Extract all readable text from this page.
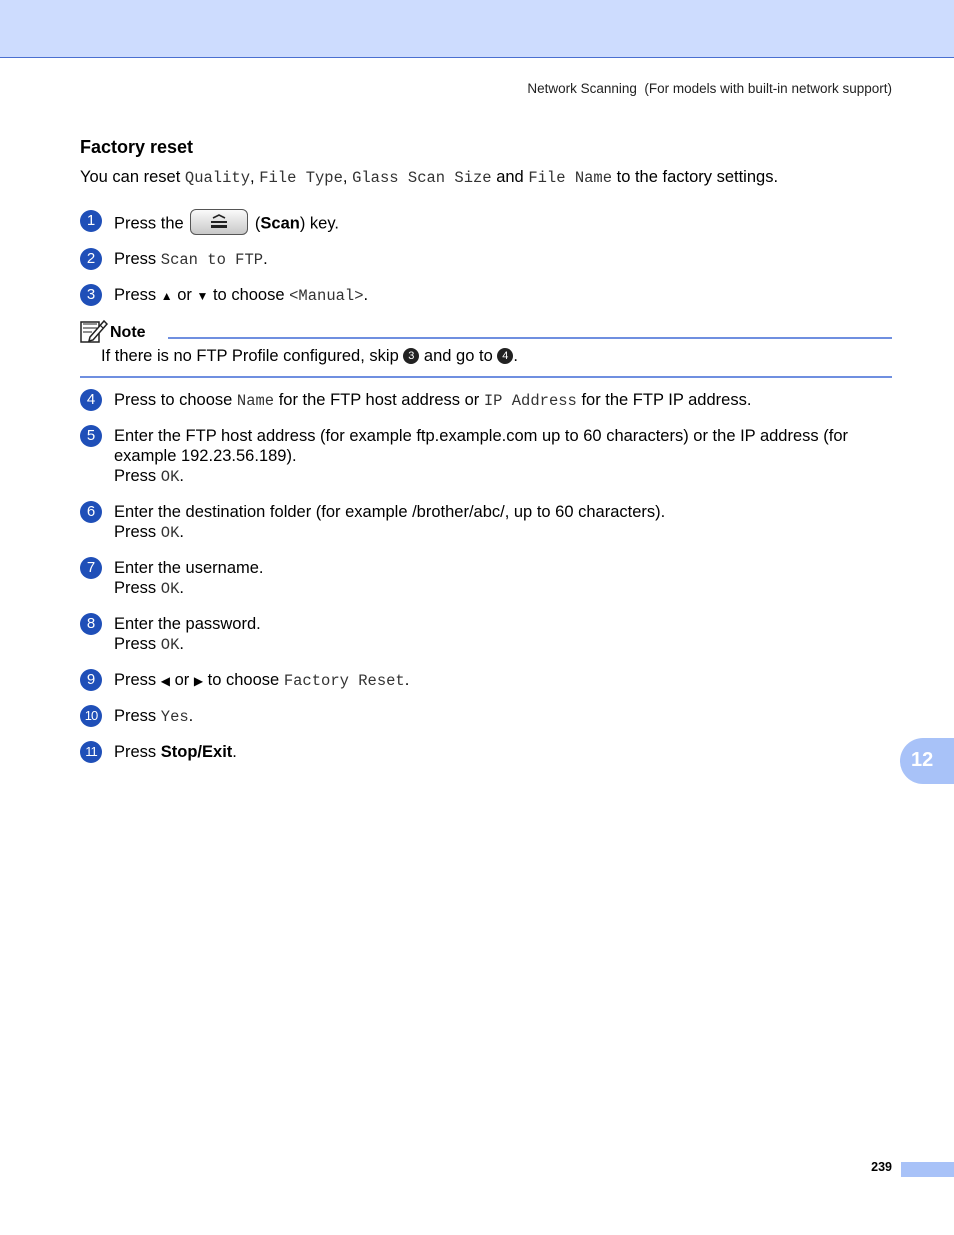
Network Scanning  (For models with built-in network support)
Factory reset
You can reset Quality, File Type, Glass Scan Size and File Name to the factory settings.
1	Press the	(Scan) key.
2	Press Scan to FTP.
3	Press ▲ or ▼ to choose <Manual>.
Note
If there is no FTP Profile configured, skip 3 and go to 4 .
4	Press to choose Name for the FTP host address or IP Address for the FTP IP address.
5	Enter the FTP host address (for example ftp.example.com up to 60 characters) or the IP address (for
example 192.23.56.189).
Press OK.
6	Enter the destination folder (for example /brother/abc/, up to 60 characters).
Press OK.
7	Enter the username.
Press OK.
8	Enter the password.
Press OK.
9	Press ◀ or ▶ to choose Factory Reset.
10 Press Yes.
11	Press Stop/Exit.	12
239
